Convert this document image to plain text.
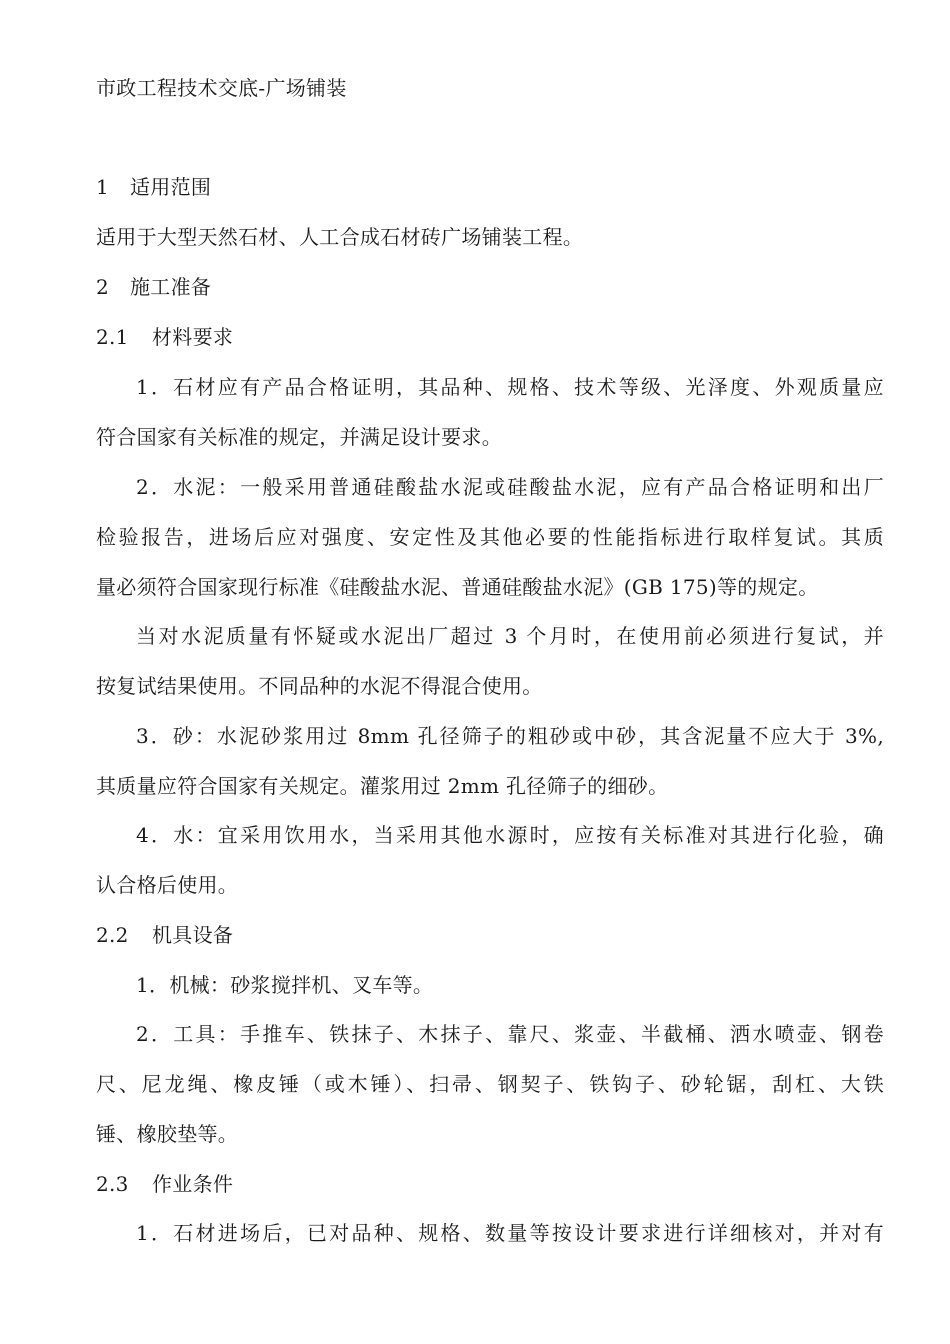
市政工程技术交底-广场铺装
1 适用范围
适用于大型天然石材、人工合成石材砖广场铺装工程。
2 施工准备
2.1 材料要求
1．石材应有产品合格证明，其品种、规格、技术等级、光泽度、外观质量应
符合国家有关标准的规定，并满足设计要求。
2．水泥：一般采用普通硅酸盐水泥或硅酸盐水泥，应有产品合格证明和出厂
检验报告，进场后应对强度、安定性及其他必要的性能指标进行取样复试。其质
量必须符合国家现行标准《硅酸盐水泥、普通硅酸盐水泥》(GB 175)等的规定。
当对水泥质量有怀疑或水泥出厂超过 3 个月时，在使用前必须进行复试，并
按复试结果使用。不同品种的水泥不得混合使用。
3．砂：水泥砂浆用过 8mm 孔径筛子的粗砂或中砂，其含泥量不应大于 3%,
其质量应符合国家有关规定。灌浆用过 2mm 孔径筛子的细砂。
4．水：宜采用饮用水，当采用其他水源时，应按有关标准对其进行化验，确
认合格后使用。
2.2 机具设备
1．机械：砂浆搅拌机、叉车等。
2．工具：手推车、铁抹子、木抹子、靠尺、浆壶、半截桶、洒水喷壶、钢卷
尺、尼龙绳、橡皮锤（或木锤）、扫帚、钢契子、铁钩子、砂轮锯，刮杠、大铁
锤、橡胶垫等。
2.3 作业条件
1．石材进场后，已对品种、规格、数量等按设计要求进行详细核对，并对有
